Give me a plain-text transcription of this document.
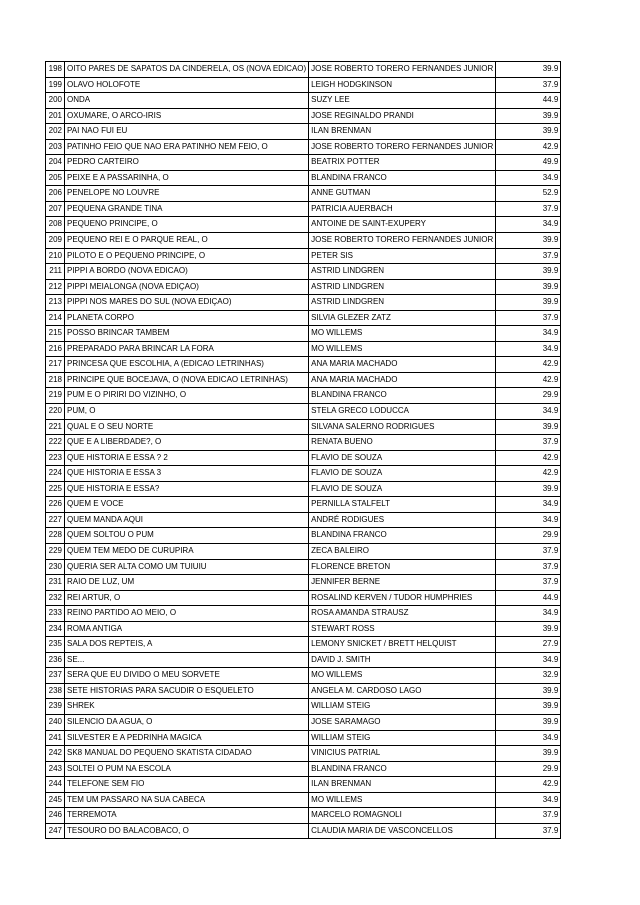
198	OITO PARES DE SAPATOS DA CINDERELA, OS (NOVA EDICAO)	JOSE ROBERTO TORERO FERNANDES JUNIOR	39.9
199	OLAVO HOLOFOTE	LEIGH HODGKINSON	37.9
200	ONDA	SUZY LEE	44.9
201	OXUMARE, O ARCO-IRIS	JOSE REGINALDO PRANDI	39.9
202	PAI NAO FUI EU	ILAN BRENMAN	39.9
203	PATINHO FEIO QUE NAO ERA PATINHO NEM FEIO, O	JOSE ROBERTO TORERO FERNANDES JUNIOR	42.9
204	PEDRO CARTEIRO	BEATRIX POTTER	49.9
205	PEIXE E A PASSARINHA, O	BLANDINA FRANCO	34.9
206	PENELOPE NO LOUVRE	ANNE GUTMAN	52.9
207	PEQUENA GRANDE TINA	PATRICIA AUERBACH	37.9
208	PEQUENO PRINCIPE, O	ANTOINE DE SAINT-EXUPERY	34.9
209	PEQUENO REI E O PARQUE REAL, O	JOSE ROBERTO TORERO FERNANDES JUNIOR	39.9
210	PILOTO E O PEQUENO PRINCIPE, O	PETER SIS	37.9
211	PIPPI A BORDO (NOVA EDICAO)	ASTRID LINDGREN	39.9
212	PIPPI MEIALONGA (NOVA EDIÇAO)	ASTRID LINDGREN	39.9
213	PIPPI NOS MARES DO SUL (NOVA EDIÇAO)	ASTRID LINDGREN	39.9
214	PLANETA CORPO	SILVIA GLEZER ZATZ	37.9
215	POSSO BRINCAR TAMBEM	MO WILLEMS	34.9
216	PREPARADO PARA BRINCAR LA FORA	MO WILLEMS	34.9
217	PRINCESA QUE ESCOLHIA, A (EDICAO LETRINHAS)	ANA MARIA MACHADO	42.9
218	PRINCIPE QUE BOCEJAVA, O (NOVA EDICAO LETRINHAS)	ANA MARIA MACHADO	42.9
219	PUM E O PIRIRI DO VIZINHO, O	BLANDINA FRANCO	29.9
220	PUM, O	STELA GRECO LODUCCA	34.9
221	QUAL E O SEU NORTE	SILVANA SALERNO RODRIGUES	39.9
222	QUE E A LIBERDADE?, O	RENATA BUENO	37.9
223	QUE HISTORIA E ESSA ? 2	FLAVIO DE SOUZA	42.9
224	QUE HISTORIA E ESSA 3	FLAVIO DE SOUZA	42.9
225	QUE HISTORIA E ESSA?	FLAVIO DE SOUZA	39.9
226	QUEM E VOCE	PERNILLA STALFELT	34.9
227	QUEM MANDA AQUI	ANDRÉ RODIGUES	34.9
228	QUEM SOLTOU O PUM	BLANDINA FRANCO	29.9
229	QUEM TEM MEDO DE CURUPIRA	ZECA BALEIRO	37.9
230	QUERIA SER ALTA COMO UM TUIUIU	FLORENCE BRETON	37.9
231	RAIO DE LUZ, UM	JENNIFER BERNE	37.9
232	REI ARTUR, O	ROSALIND KERVEN / TUDOR HUMPHRIES	44.9
233	REINO PARTIDO AO MEIO, O	ROSA AMANDA STRAUSZ	34.9
234	ROMA ANTIGA	STEWART ROSS	39.9
235	SALA DOS REPTEIS, A	LEMONY SNICKET / BRETT HELQUIST	27.9
236	SE...	DAVID J. SMITH	34.9
237	SERA QUE EU DIVIDO O MEU SORVETE	MO WILLEMS	32.9
238	SETE HISTORIAS PARA SACUDIR O ESQUELETO	ANGELA M. CARDOSO LAGO	39.9
239	SHREK	WILLIAM STEIG	39.9
240	SILENCIO DA AGUA, O	JOSE SARAMAGO	39.9
241	SILVESTER E A PEDRINHA MAGICA	WILLIAM STEIG	34.9
242	SK8 MANUAL DO PEQUENO SKATISTA CIDADAO	VINICIUS PATRIAL	39.9
243	SOLTEI O PUM NA ESCOLA	BLANDINA FRANCO	29.9
244	TELEFONE SEM FIO	ILAN BRENMAN	42.9
245	TEM UM PASSARO NA SUA CABECA	MO WILLEMS	34.9
246	TERREMOTA	MARCELO ROMAGNOLI	37.9
247	TESOURO DO BALACOBACO, O	CLAUDIA MARIA DE VASCONCELLOS	37.9
